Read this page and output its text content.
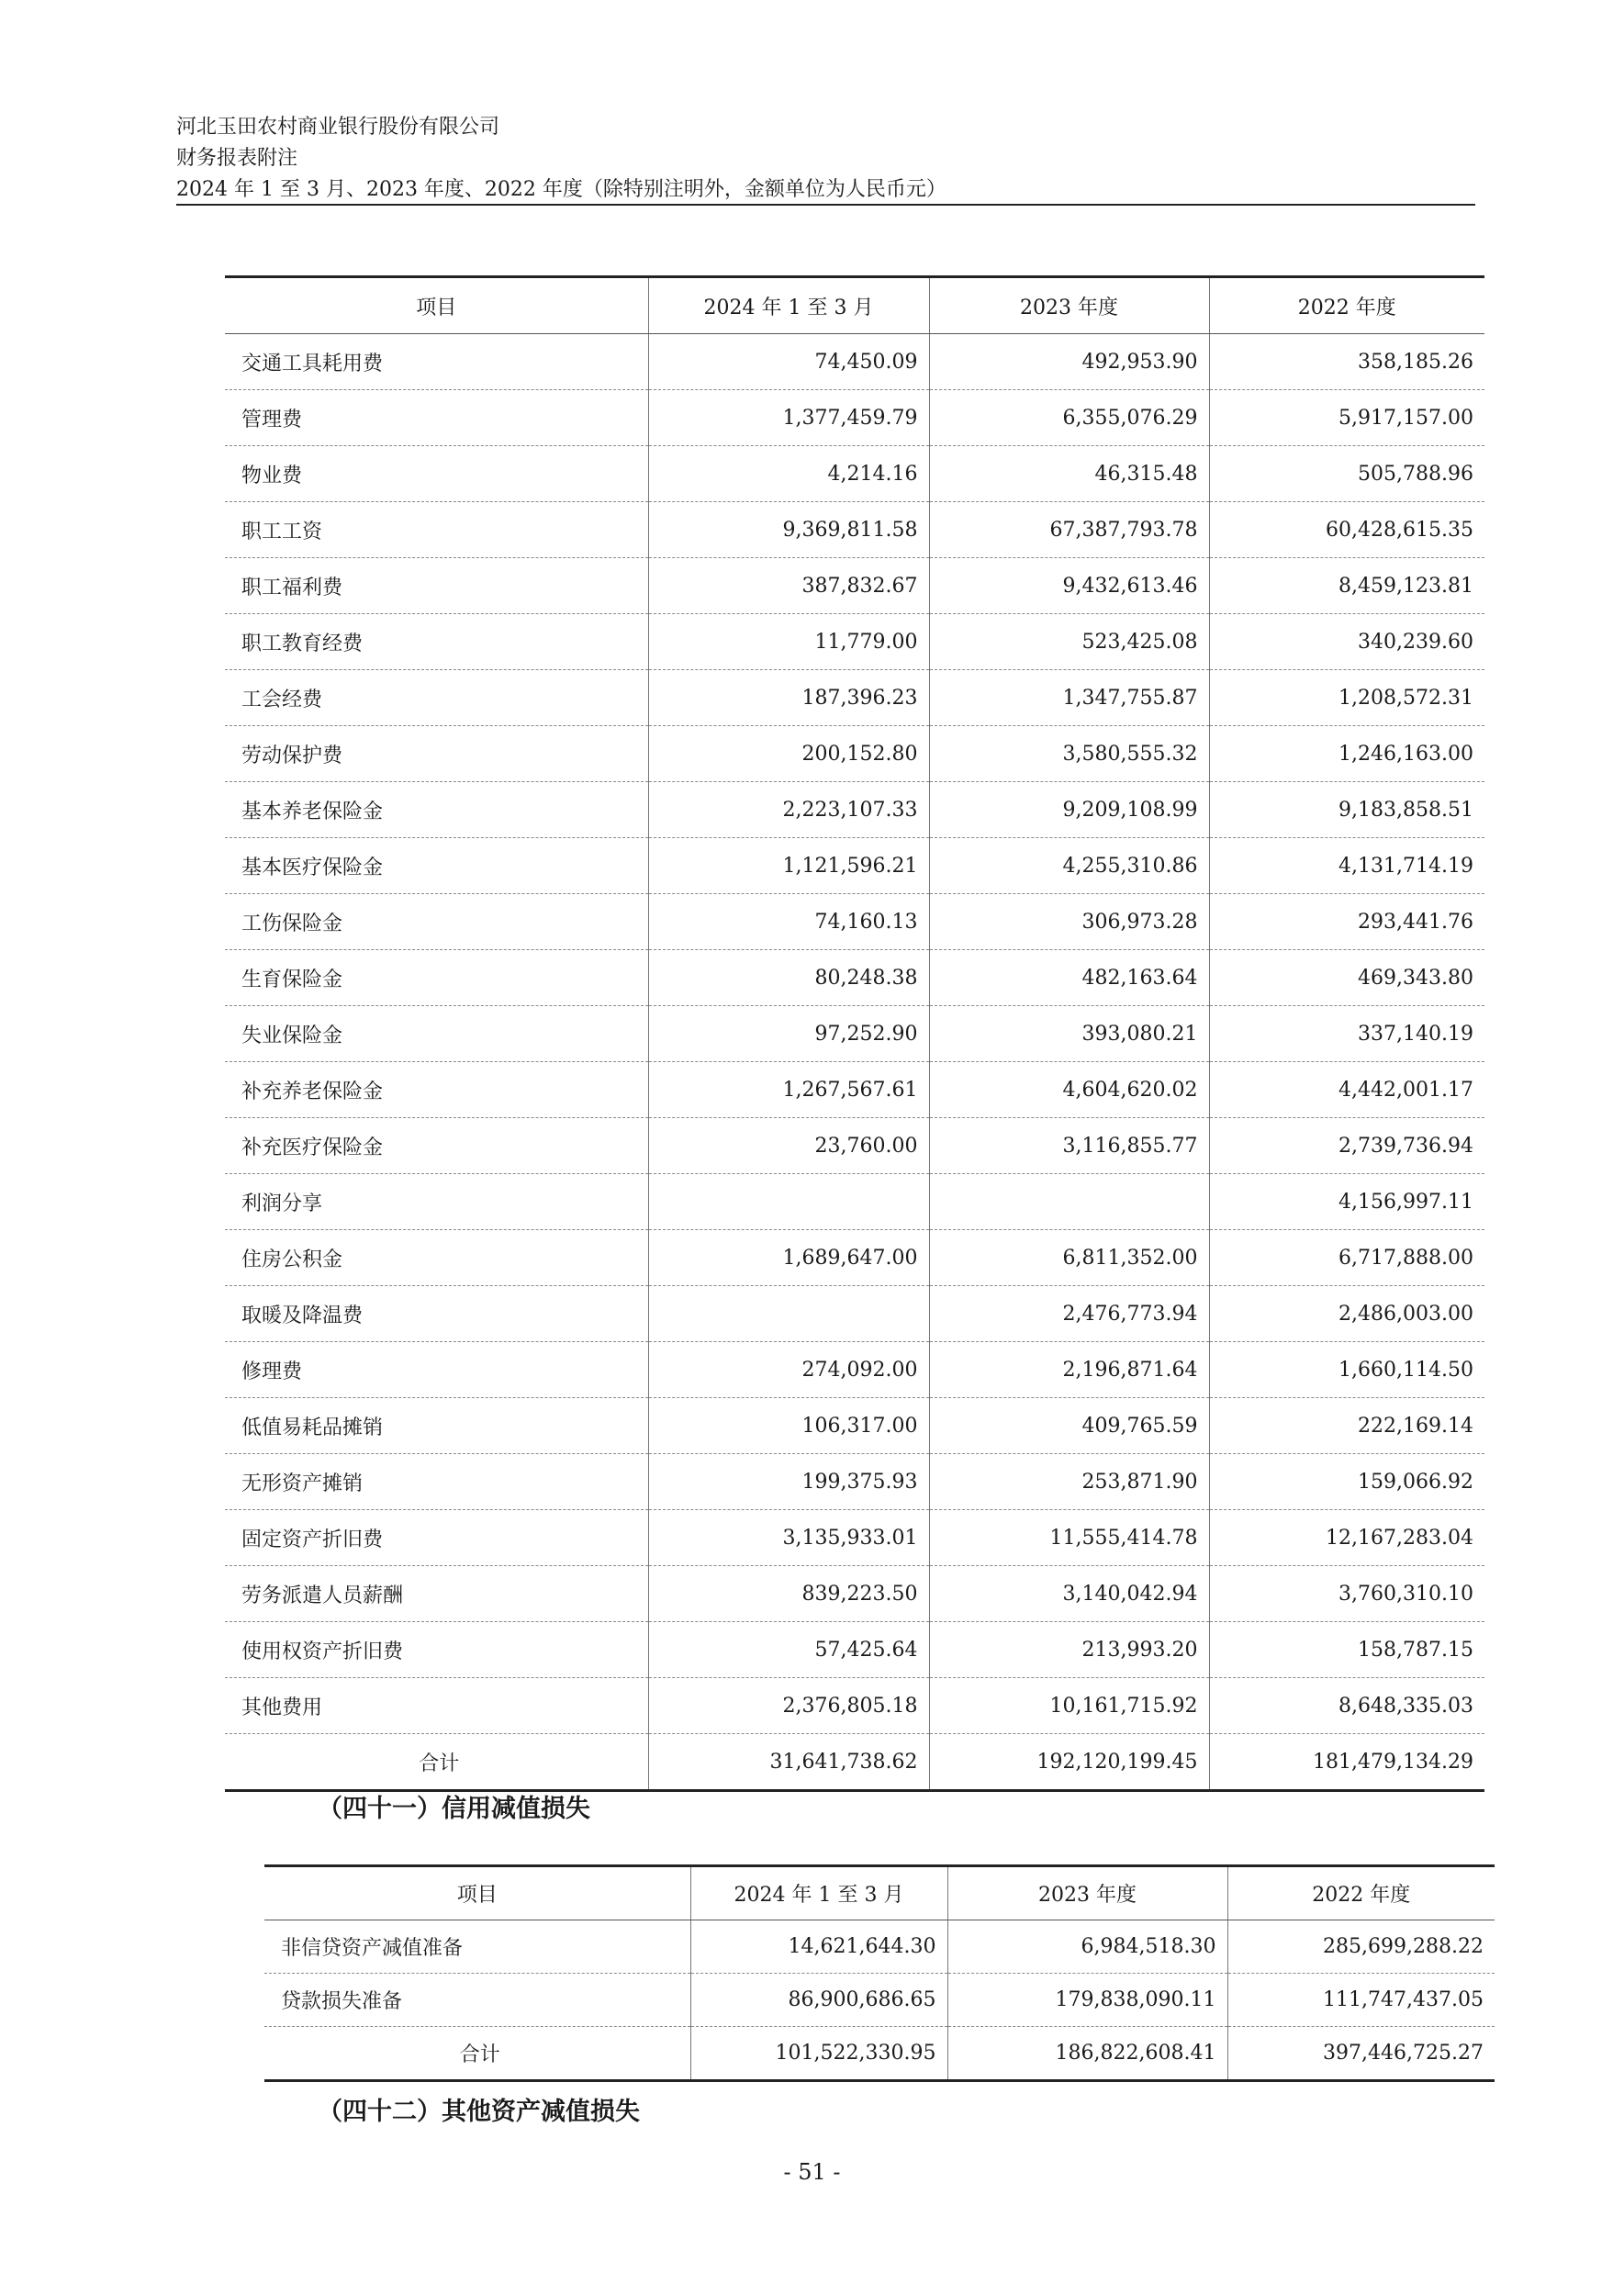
河北玉田农村商业银行股份有限公司
财务报表附注
2024 年 1 至 3 月、2023 年度、2022 年度（除特别注明外，金额单位为人民币元）
项目	2024 年 1 至 3 月	2023 年度	2022 年度
交通工具耗用费	74,450.09	492,953.90	358,185.26
管理费	1,377,459.79	6,355,076.29	5,917,157.00
物业费	4,214.16	46,315.48	505,788.96
职工工资	9,369,811.58	67,387,793.78	60,428,615.35
职工福利费	387,832.67	9,432,613.46	8,459,123.81
职工教育经费	11,779.00	523,425.08	340,239.60
工会经费	187,396.23	1,347,755.87	1,208,572.31
劳动保护费	200,152.80	3,580,555.32	1,246,163.00
基本养老保险金	2,223,107.33	9,209,108.99	9,183,858.51
基本医疗保险金	1,121,596.21	4,255,310.86	4,131,714.19
工伤保险金	74,160.13	306,973.28	293,441.76
生育保险金	80,248.38	482,163.64	469,343.80
失业保险金	97,252.90	393,080.21	337,140.19
补充养老保险金	1,267,567.61	4,604,620.02	4,442,001.17
补充医疗保险金	23,760.00	3,116,855.77	2,739,736.94
利润分享			4,156,997.11
住房公积金	1,689,647.00	6,811,352.00	6,717,888.00
取暖及降温费		2,476,773.94	2,486,003.00
修理费	274,092.00	2,196,871.64	1,660,114.50
低值易耗品摊销	106,317.00	409,765.59	222,169.14
无形资产摊销	199,375.93	253,871.90	159,066.92
固定资产折旧费	3,135,933.01	11,555,414.78	12,167,283.04
劳务派遣人员薪酬	839,223.50	3,140,042.94	3,760,310.10
使用权资产折旧费	57,425.64	213,993.20	158,787.15
其他费用	2,376,805.18	10,161,715.92	8,648,335.03
合计	31,641,738.62	192,120,199.45	181,479,134.29
（四十一）信用减值损失
项目	2024 年 1 至 3 月	2023 年度	2022 年度
非信贷资产减值准备	14,621,644.30	6,984,518.30	285,699,288.22
贷款损失准备	86,900,686.65	179,838,090.11	111,747,437.05
合计	101,522,330.95	186,822,608.41	397,446,725.27
（四十二）其他资产减值损失
- 51 -
